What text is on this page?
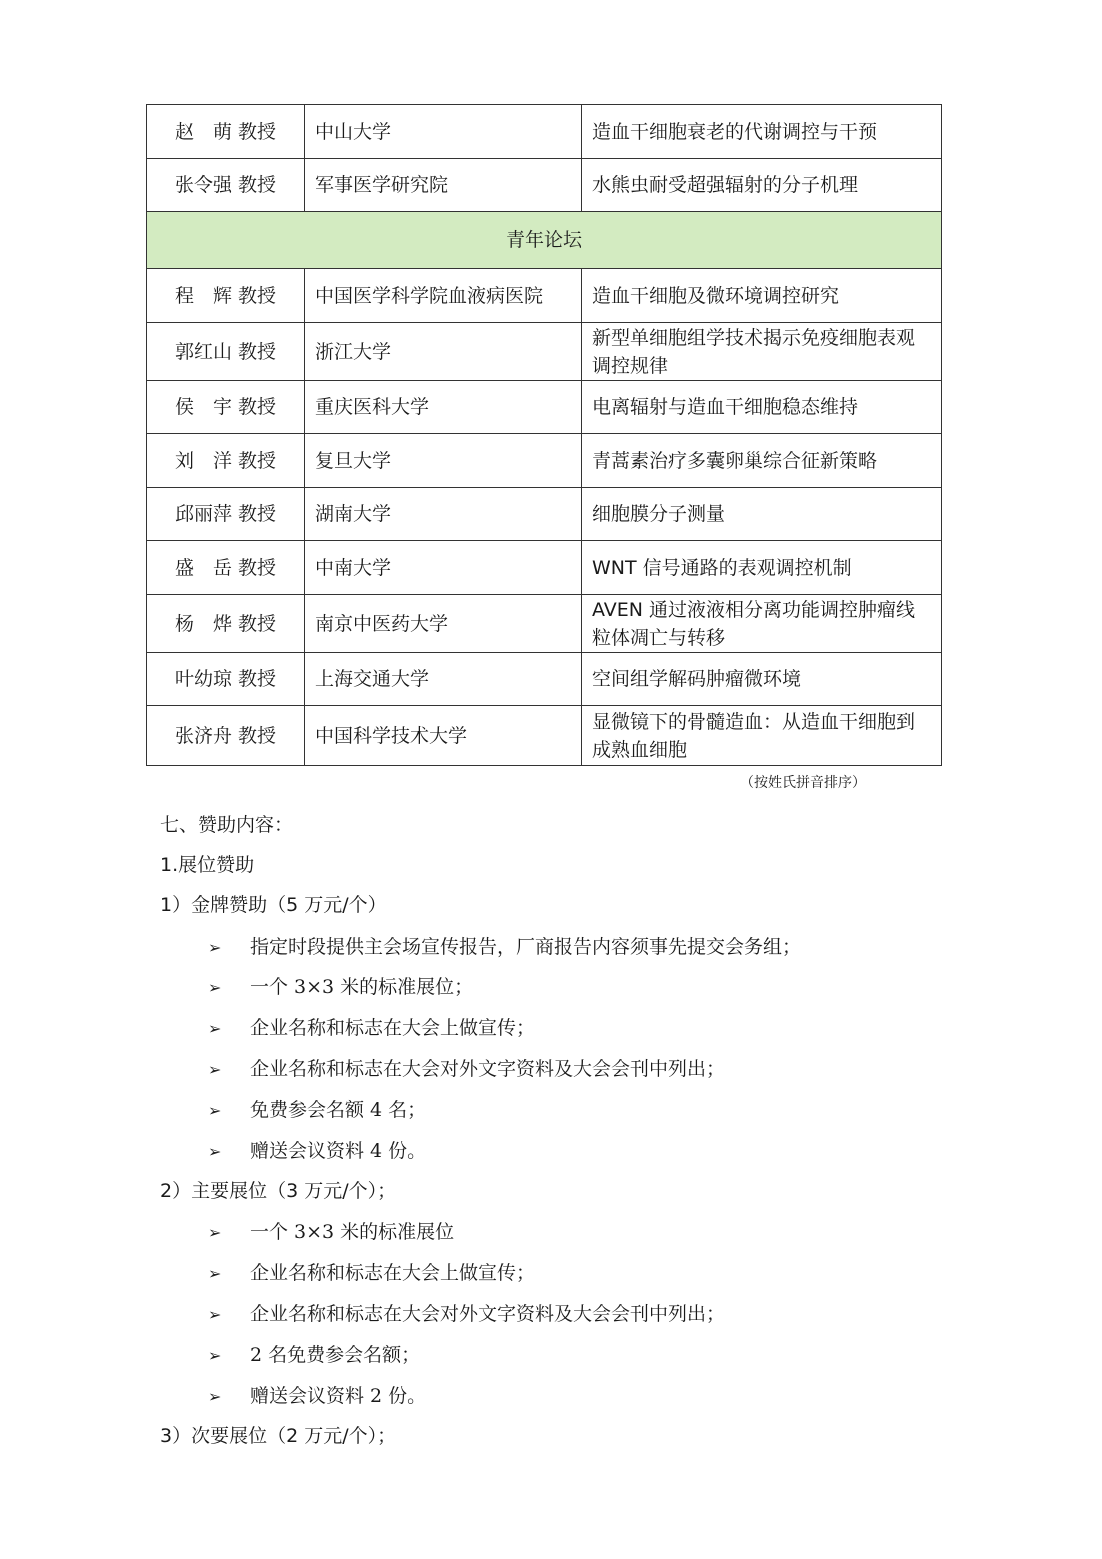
赵　萌 教授	中山大学	造血干细胞衰老的代谢调控与干预
张令强 教授	军事医学研究院	水熊虫耐受超强辐射的分子机理
青年论坛		
程　辉 教授	中国医学科学院血液病医院	造血干细胞及微环境调控研究
郭红山 教授	浙江大学	新型单细胞组学技术揭示免疫细胞表观调控规律
侯　宇 教授	重庆医科大学	电离辐射与造血干细胞稳态维持
刘　洋 教授	复旦大学	青蒿素治疗多囊卵巢综合征新策略
邱丽萍 教授	湖南大学	细胞膜分子测量
盛　岳 教授	中南大学	WNT 信号通路的表观调控机制
杨　烨 教授	南京中医药大学	AVEN 通过液液相分离功能调控肿瘤线粒体凋亡与转移
叶幼琼 教授	上海交通大学	空间组学解码肿瘤微环境
张济舟 教授	中国科学技术大学	显微镜下的骨髓造血：从造血干细胞到成熟血细胞
（按姓氏拼音排序）
七、赞助内容：
1.展位赞助
1）金牌赞助（5 万元/个）
➢ 指定时段提供主会场宣传报告，厂商报告内容须事先提交会务组；
➢ 一个 3×3 米的标准展位；
➢ 企业名称和标志在大会上做宣传；
➢ 企业名称和标志在大会对外文字资料及大会会刊中列出；
➢ 免费参会名额 4 名；
➢ 赠送会议资料 4 份。
2）主要展位（3 万元/个）；
➢ 一个 3×3 米的标准展位
➢ 企业名称和标志在大会上做宣传；
➢ 企业名称和标志在大会对外文字资料及大会会刊中列出；
➢ 2 名免费参会名额；
➢ 赠送会议资料 2 份。
3）次要展位（2 万元/个）；
